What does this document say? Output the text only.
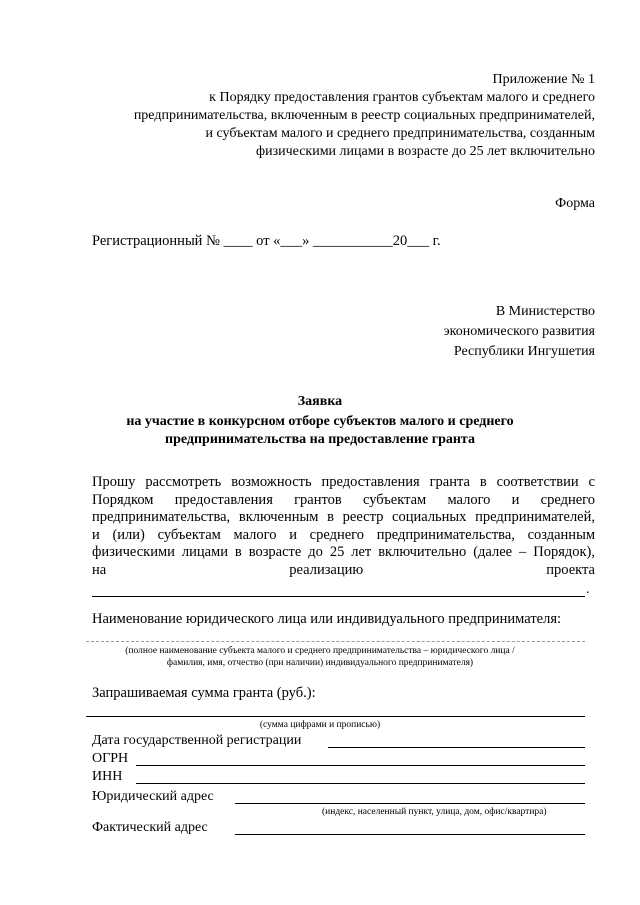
Приложение № 1
к Порядку предоставления грантов субъектам малого и среднего
предпринимательства, включенным в реестр социальных предпринимателей,
и субъектам малого и среднего предпринимательства, созданным
физическими лицами в возрасте до 25 лет включительно
Форма
Регистрационный № ____ от «___» ___________20___ г.
В Министерство
экономического развития
Республики Ингушетия
Заявка
на участие в конкурсном отборе субъектов малого и среднего
предпринимательства на предоставление гранта
Прошу рассмотреть возможность предоставления гранта в соответствии с
Порядком предоставления грантов субъектам малого и среднего
предпринимательства, включенным в реестр социальных предпринимателей,
и (или) субъектам малого и среднего предпринимательства, созданным
физическими лицами в возрасте до 25 лет включительно (далее – Порядок),
на	реализацию	проекта
.
Наименование юридического лица или индивидуального предпринимателя:
(полное наименование субъекта малого и среднего предпринимательства – юридического лица /
фамилия, имя, отчество (при наличии) индивидуального предпринимателя)
Запрашиваемая сумма гранта (руб.):
(сумма цифрами и прописью)
Дата государственной регистрации
ОГРН
ИНН
Юридический адрес
(индекс, населенный пункт, улица, дом, офис/квартира)
Фактический адрес
